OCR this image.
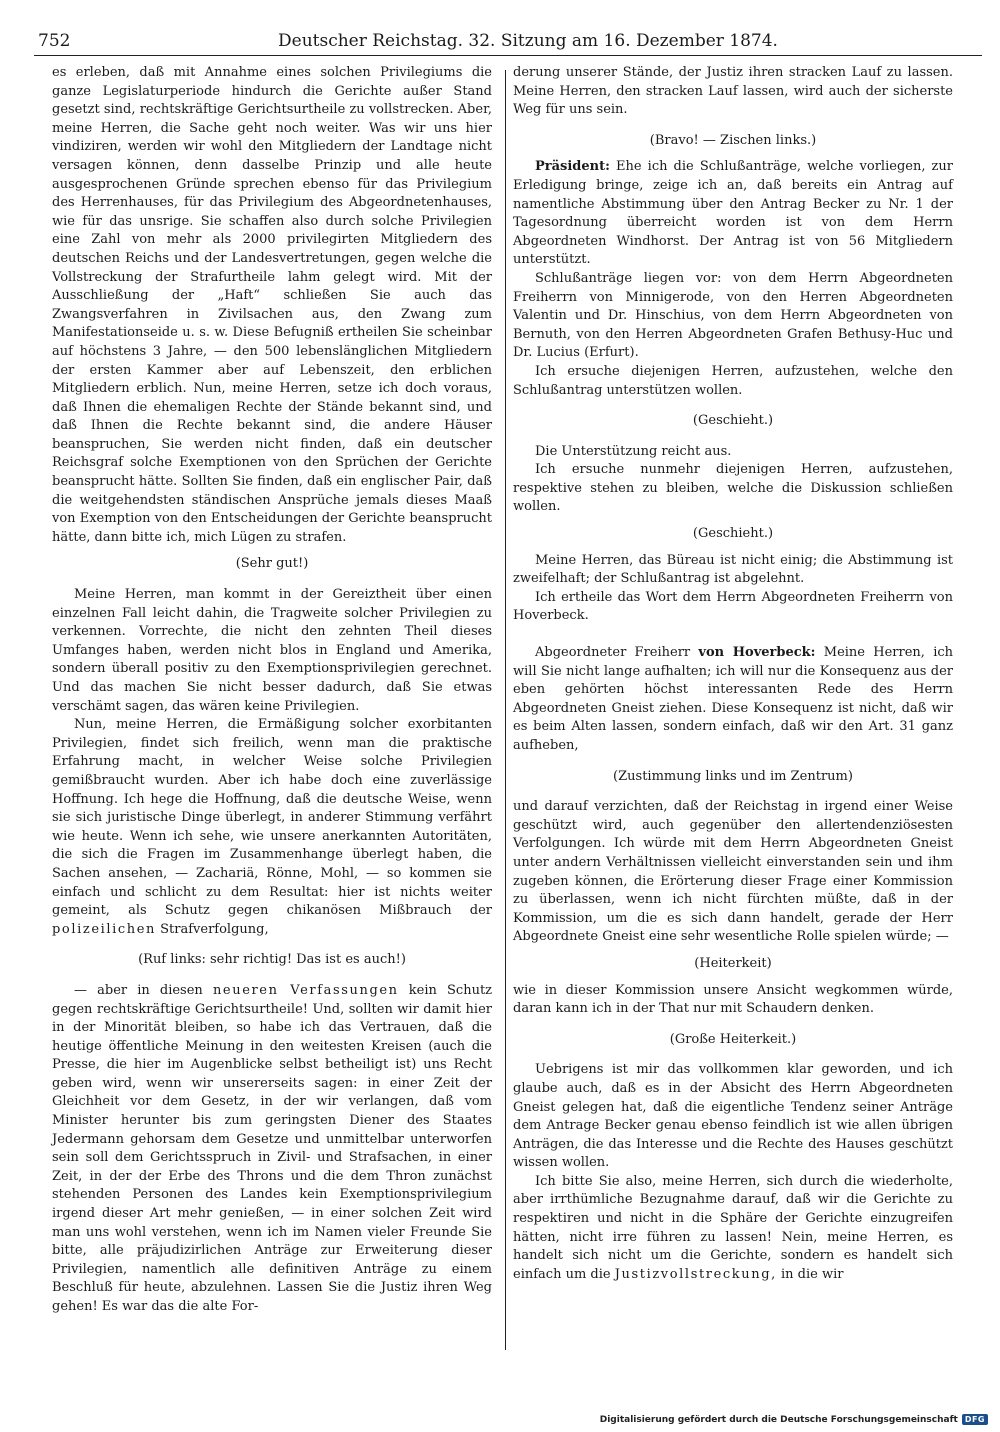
752	Deutscher Reichstag. 32. Sitzung am 16. Dezember 1874.

es erleben, daß mit Annahme eines solchen Privilegiums die ganze Legislaturperiode hindurch die Gerichte außer Stand gesetzt sind, rechtskräftige Gerichtsurtheile zu vollstrecken. Aber, meine Herren, die Sache geht noch weiter. Was wir uns hier vindiziren, werden wir wohl den Mitgliedern der Landtage nicht versagen können, denn dasselbe Prinzip und alle heute ausgesprochenen Gründe sprechen ebenso für das Privilegium des Herrenhauses, für das Privilegium des Abgeordnetenhauses, wie für das unsrige. Sie schaffen also durch solche Privilegien eine Zahl von mehr als 2000 privilegirten Mitgliedern des deutschen Reichs und der Landesvertretungen, gegen welche die Vollstreckung der Strafurtheile lahm gelegt wird. Mit der Ausschließung der „Haft“ schließen Sie auch das Zwangsverfahren in Zivilsachen aus, den Zwang zum Manifestationseide u. s. w. Diese Befugniß ertheilen Sie scheinbar auf höchstens 3 Jahre, — den 500 lebenslänglichen Mitgliedern der ersten Kammer aber auf Lebenszeit, den erblichen Mitgliedern erblich. Nun, meine Herren, setze ich doch voraus, daß Ihnen die ehemaligen Rechte der Stände bekannt sind, und daß Ihnen die Rechte bekannt sind, die andere Häuser beanspruchen, Sie werden nicht finden, daß ein deutscher Reichsgraf solche Exemptionen von den Sprüchen der Gerichte beansprucht hätte. Sollten Sie finden, daß ein englischer Pair, daß die weitgehendsten ständischen Ansprüche jemals dieses Maaß von Exemption von den Entscheidungen der Gerichte beansprucht hätte, dann bitte ich, mich Lügen zu strafen.

(Sehr gut!)

Meine Herren, man kommt in der Gereiztheit über einen einzelnen Fall leicht dahin, die Tragweite solcher Privilegien zu verkennen. Vorrechte, die nicht den zehnten Theil dieses Umfanges haben, werden nicht blos in England und Amerika, sondern überall positiv zu den Exemptionsprivilegien gerechnet. Und das machen Sie nicht besser dadurch, daß Sie etwas verschämt sagen, das wären keine Privilegien.

Nun, meine Herren, die Ermäßigung solcher exorbitanten Privilegien, findet sich freilich, wenn man die praktische Erfahrung macht, in welcher Weise solche Privilegien gemißbraucht wurden. Aber ich habe doch eine zuverlässige Hoffnung. Ich hege die Hoffnung, daß die deutsche Weise, wenn sie sich juristische Dinge überlegt, in anderer Stimmung verfährt wie heute. Wenn ich sehe, wie unsere anerkannten Autoritäten, die sich die Fragen im Zusammenhange überlegt haben, die Sachen ansehen, — Zachariä, Rönne, Mohl, — so kommen sie einfach und schlicht zu dem Resultat: hier ist nichts weiter gemeint, als Schutz gegen chikanösen Mißbrauch der polizeilichen Strafverfolgung,

(Ruf links: sehr richtig! Das ist es auch!)

— aber in diesen neueren Verfassungen kein Schutz gegen rechtskräftige Gerichtsurtheile! Und, sollten wir damit hier in der Minorität bleiben, so habe ich das Vertrauen, daß die heutige öffentliche Meinung in den weitesten Kreisen (auch die Presse, die hier im Augenblicke selbst betheiligt ist) uns Recht geben wird, wenn wir unsererseits sagen: in einer Zeit der Gleichheit vor dem Gesetz, in der wir verlangen, daß vom Minister herunter bis zum geringsten Diener des Staates Jedermann gehorsam dem Gesetze und unmittelbar unterworfen sein soll dem Gerichtsspruch in Zivil- und Strafsachen, in einer Zeit, in der der Erbe des Throns und die dem Thron zunächst stehenden Personen des Landes kein Exemptionsprivilegium irgend dieser Art mehr genießen, — in einer solchen Zeit wird man uns wohl verstehen, wenn ich im Namen vieler Freunde Sie bitte, alle präjudizirlichen Anträge zur Erweiterung dieser Privilegien, namentlich alle definitiven Anträge zu einem Beschluß für heute, abzulehnen. Lassen Sie die Justiz ihren Weg gehen! Es war das die alte For-

derung unserer Stände, der Justiz ihren stracken Lauf zu lassen. Meine Herren, den stracken Lauf lassen, wird auch der sicherste Weg für uns sein.

(Bravo! — Zischen links.)

Präsident: Ehe ich die Schlußanträge, welche vorliegen, zur Erledigung bringe, zeige ich an, daß bereits ein Antrag auf namentliche Abstimmung über den Antrag Becker zu Nr. 1 der Tagesordnung überreicht worden ist von dem Herrn Abgeordneten Windhorst. Der Antrag ist von 56 Mitgliedern unterstützt.

Schlußanträge liegen vor: von dem Herrn Abgeordneten Freiherrn von Minnigerode, von den Herren Abgeordneten Valentin und Dr. Hinschius, von dem Herrn Abgeordneten von Bernuth, von den Herren Abgeordneten Grafen Bethusy-Huc und Dr. Lucius (Erfurt).

Ich ersuche diejenigen Herren, aufzustehen, welche den Schlußantrag unterstützen wollen.

(Geschieht.)

Die Unterstützung reicht aus.

Ich ersuche nunmehr diejenigen Herren, aufzustehen, respektive stehen zu bleiben, welche die Diskussion schließen wollen.

(Geschieht.)

Meine Herren, das Büreau ist nicht einig; die Abstimmung ist zweifelhaft; der Schlußantrag ist abgelehnt.

Ich ertheile das Wort dem Herrn Abgeordneten Freiherrn von Hoverbeck.

Abgeordneter Freiherr von Hoverbeck: Meine Herren, ich will Sie nicht lange aufhalten; ich will nur die Konsequenz aus der eben gehörten höchst interessanten Rede des Herrn Abgeordneten Gneist ziehen. Diese Konsequenz ist nicht, daß wir es beim Alten lassen, sondern einfach, daß wir den Art. 31 ganz aufheben,

(Zustimmung links und im Zentrum)

und darauf verzichten, daß der Reichstag in irgend einer Weise geschützt wird, auch gegenüber den allertendenziösesten Verfolgungen. Ich würde mit dem Herrn Abgeordneten Gneist unter andern Verhältnissen vielleicht einverstanden sein und ihm zugeben können, die Erörterung dieser Frage einer Kommission zu überlassen, wenn ich nicht fürchten müßte, daß in der Kommission, um die es sich dann handelt, gerade der Herr Abgeordnete Gneist eine sehr wesentliche Rolle spielen würde; —

(Heiterkeit)

wie in dieser Kommission unsere Ansicht wegkommen würde, daran kann ich in der That nur mit Schaudern denken.

(Große Heiterkeit.)

Uebrigens ist mir das vollkommen klar geworden, und ich glaube auch, daß es in der Absicht des Herrn Abgeordneten Gneist gelegen hat, daß die eigentliche Tendenz seiner Anträge dem Antrage Becker genau ebenso feindlich ist wie allen übrigen Anträgen, die das Interesse und die Rechte des Hauses geschützt wissen wollen.

Ich bitte Sie also, meine Herren, sich durch die wiederholte, aber irrthümliche Bezugnahme darauf, daß wir die Gerichte zu respektiren und nicht in die Sphäre der Gerichte einzugreifen hätten, nicht irre führen zu lassen! Nein, meine Herren, es handelt sich nicht um die Gerichte, sondern es handelt sich einfach um die Justizvollstreckung, in die wir

Digitalisierung gefördert durch die Deutsche Forschungsgemeinschaft DFG
